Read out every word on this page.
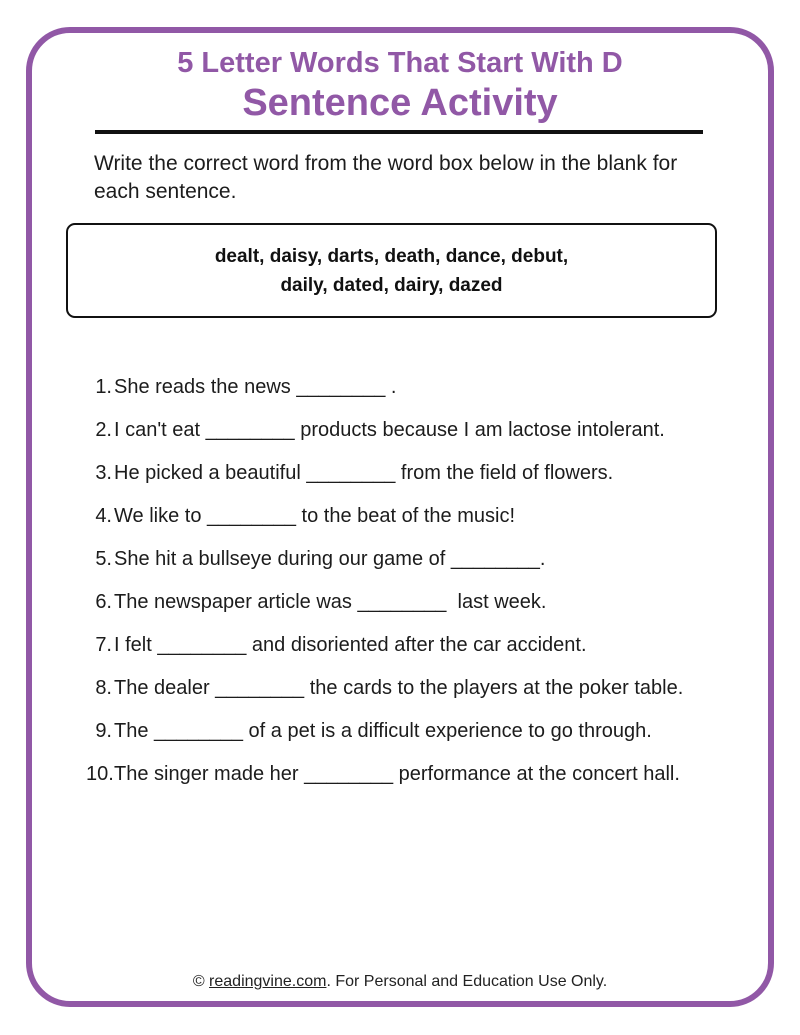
5 Letter Words That Start With D
Sentence Activity
Write the correct word from the word box below in the blank for each sentence.
dealt, daisy, darts, death, dance, debut,
daily, dated, dairy, dazed
1. She reads the news ________ .
2. I can't eat ________ products because I am lactose intolerant.
3. He picked a beautiful ________ from the field of flowers.
4. We like to ________ to the beat of the music!
5. She hit a bullseye during our game of ________.
6. The newspaper article was ________  last week.
7. I felt ________ and disoriented after the car accident.
8. The dealer ________ the cards to the players at the poker table.
9. The ________ of a pet is a difficult experience to go through.
10. The singer made her ________ performance at the concert hall.
© readingvine.com. For Personal and Education Use Only.
